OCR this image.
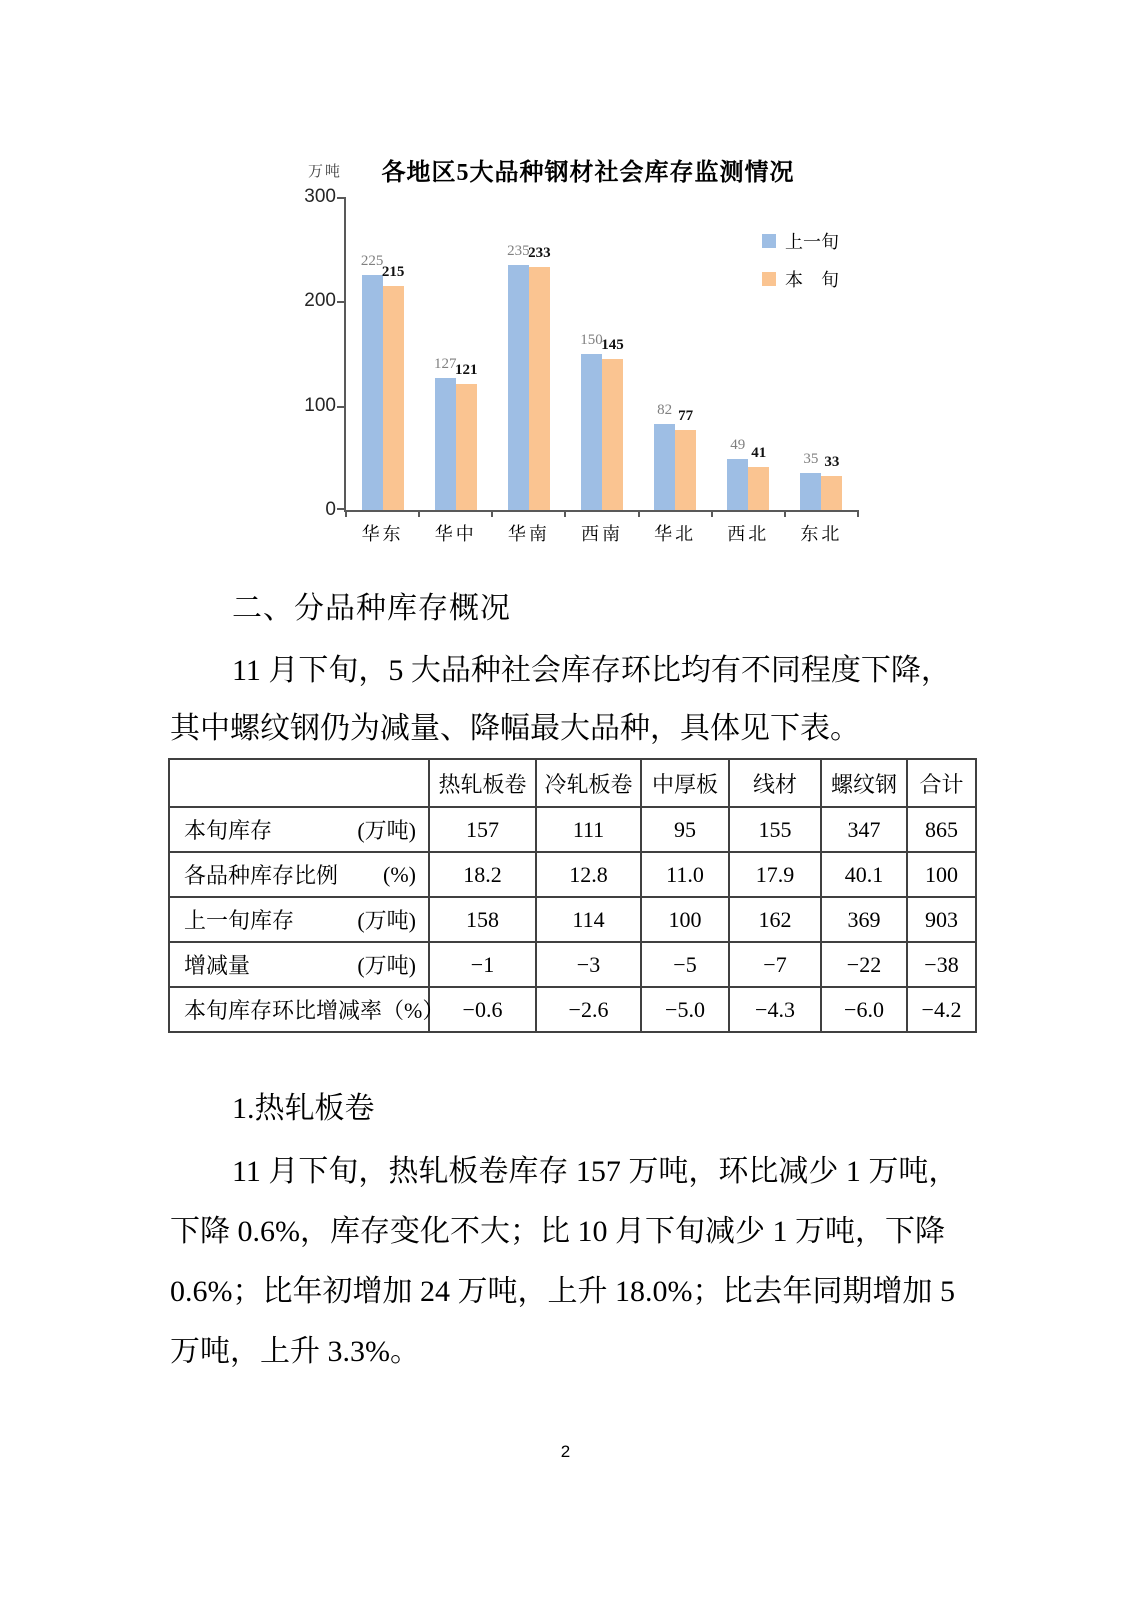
万吨	各地区5大品种钢材社会库存监测情况
300
200
100
0
225
215
华东
127
121
华中
235
233
华南
150
145
西南
82 77
华北
49
41
西北
35 33
东北
上一旬
本　旬
二、分品种库存概况
11 月下旬，5 大品种社会库存环比均有不同程度下降，
其中螺纹钢仍为减量、降幅最大品种，具体见下表。
	热轧板卷	冷轧板卷	中厚板	线材	螺纹钢	合计

本旬库存 (万吨)	157	111	95	155	347	865

各品种库存比例 (%)	18.2	12.8	11.0	17.9	40.1	100

上一旬库存 (万吨)	158	114	100	162	369	903

增减量 (万吨)	−1	−3	−5	−7	−22	−38

本旬库存环比增减率（%）	−0.6	−2.6	−5.0	−4.3	−6.0	−4.2
1.热轧板卷
11 月下旬，热轧板卷库存 157 万吨，环比减少 1 万吨，
下降 0.6%，库存变化不大；比 10 月下旬减少 1 万吨，下降
0.6%；比年初增加 24 万吨，上升 18.0%；比去年同期增加 5
万吨，上升 3.3%。
2
